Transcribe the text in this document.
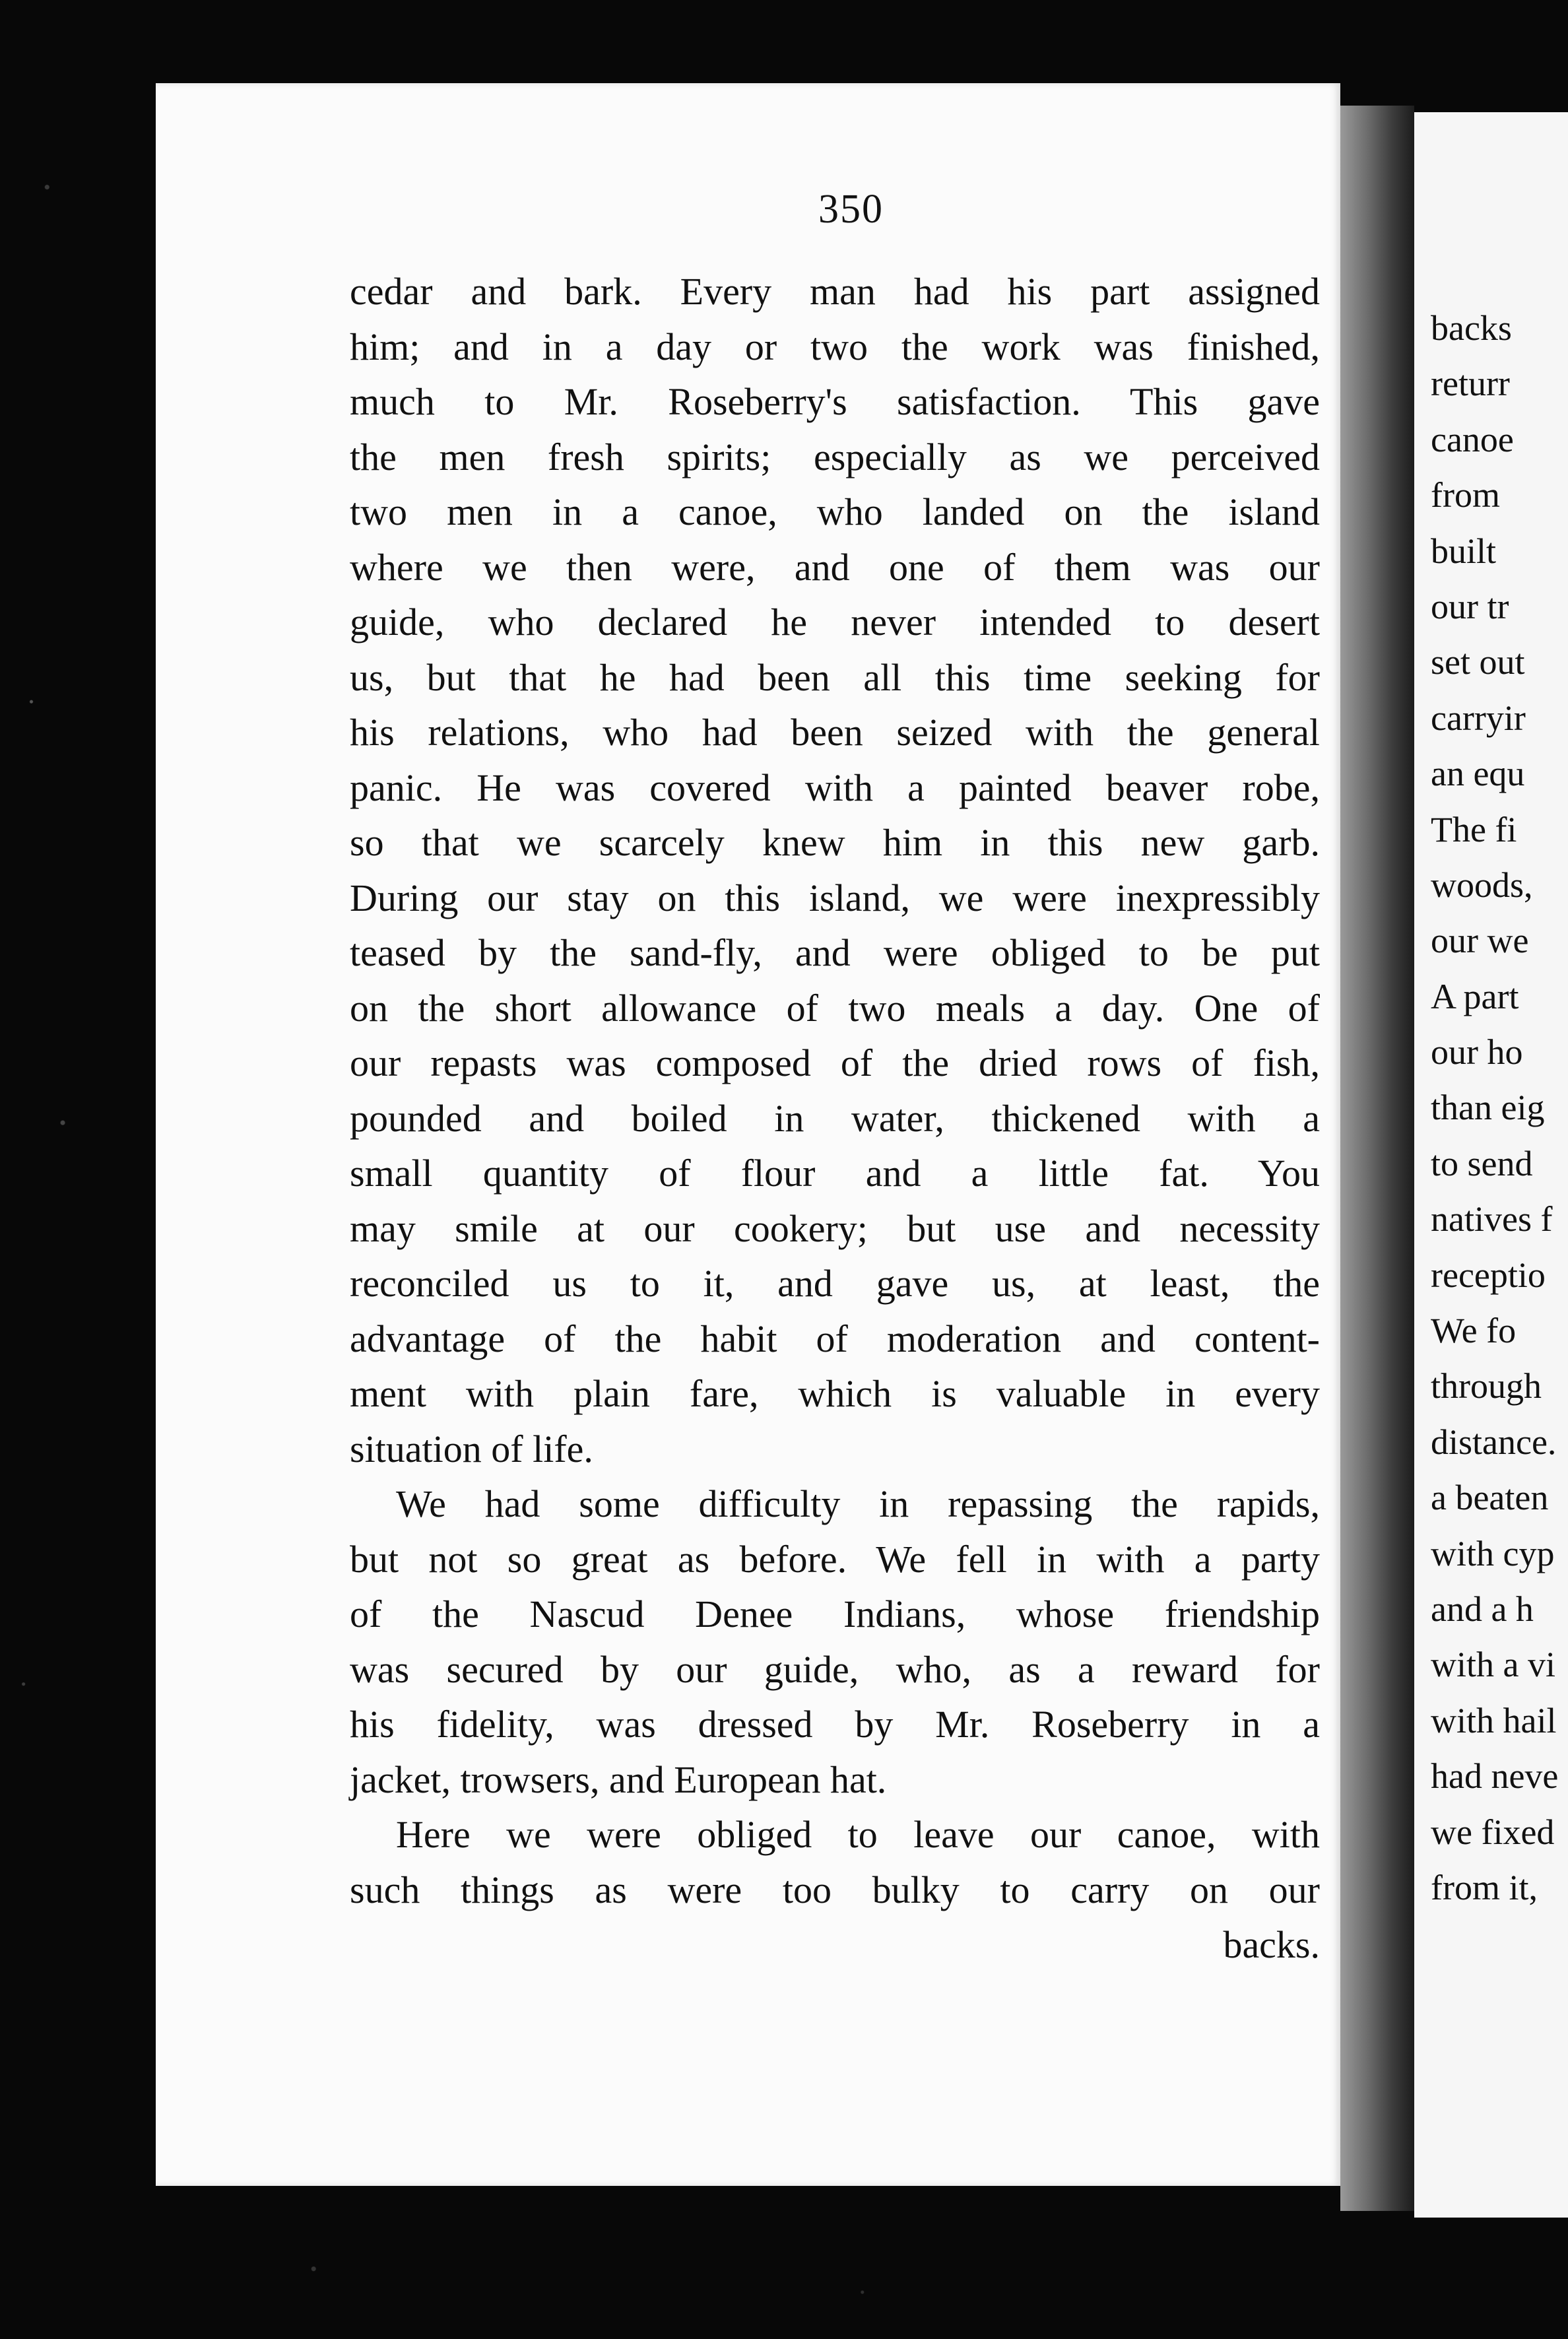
350
cedar and bark. Every man had his part assigned
him; and in a day or two the work was finished,
much to Mr. Roseberry's satisfaction. This gave
the men fresh spirits; especially as we perceived
two men in a canoe, who landed on the island
where we then were, and one of them was our
guide, who declared he never intended to desert
us, but that he had been all this time seeking for
his relations, who had been seized with the general
panic. He was covered with a painted beaver robe,
so that we scarcely knew him in this new garb.
During our stay on this island, we were inexpressibly
teased by the sand-fly, and were obliged to be put
on the short allowance of two meals a day. One of
our repasts was composed of the dried rows of fish,
pounded and boiled in water, thickened with a
small quantity of flour and a little fat. You
may smile at our cookery; but use and necessity
reconciled us to it, and gave us, at least, the
advantage of the habit of moderation and content-
ment with plain fare, which is valuable in every
situation of life.
We had some difficulty in repassing the rapids,
but not so great as before. We fell in with a party
of the Nascud Denee Indians, whose friendship
was secured by our guide, who, as a reward for
his fidelity, was dressed by Mr. Roseberry in a
jacket, trowsers, and European hat.
Here we were obliged to leave our canoe, with
such things as were too bulky to carry on our
backs.
backs
returr
canoe
from
built
our tr
set out
carryir
an equ
The fi
woods,
our we
A part
our ho
than eig
to send
natives f
receptio
We fo
through
distance.
a beaten
with cyp
and a h
with a vi
with hail
had neve
we fixed
from it,
